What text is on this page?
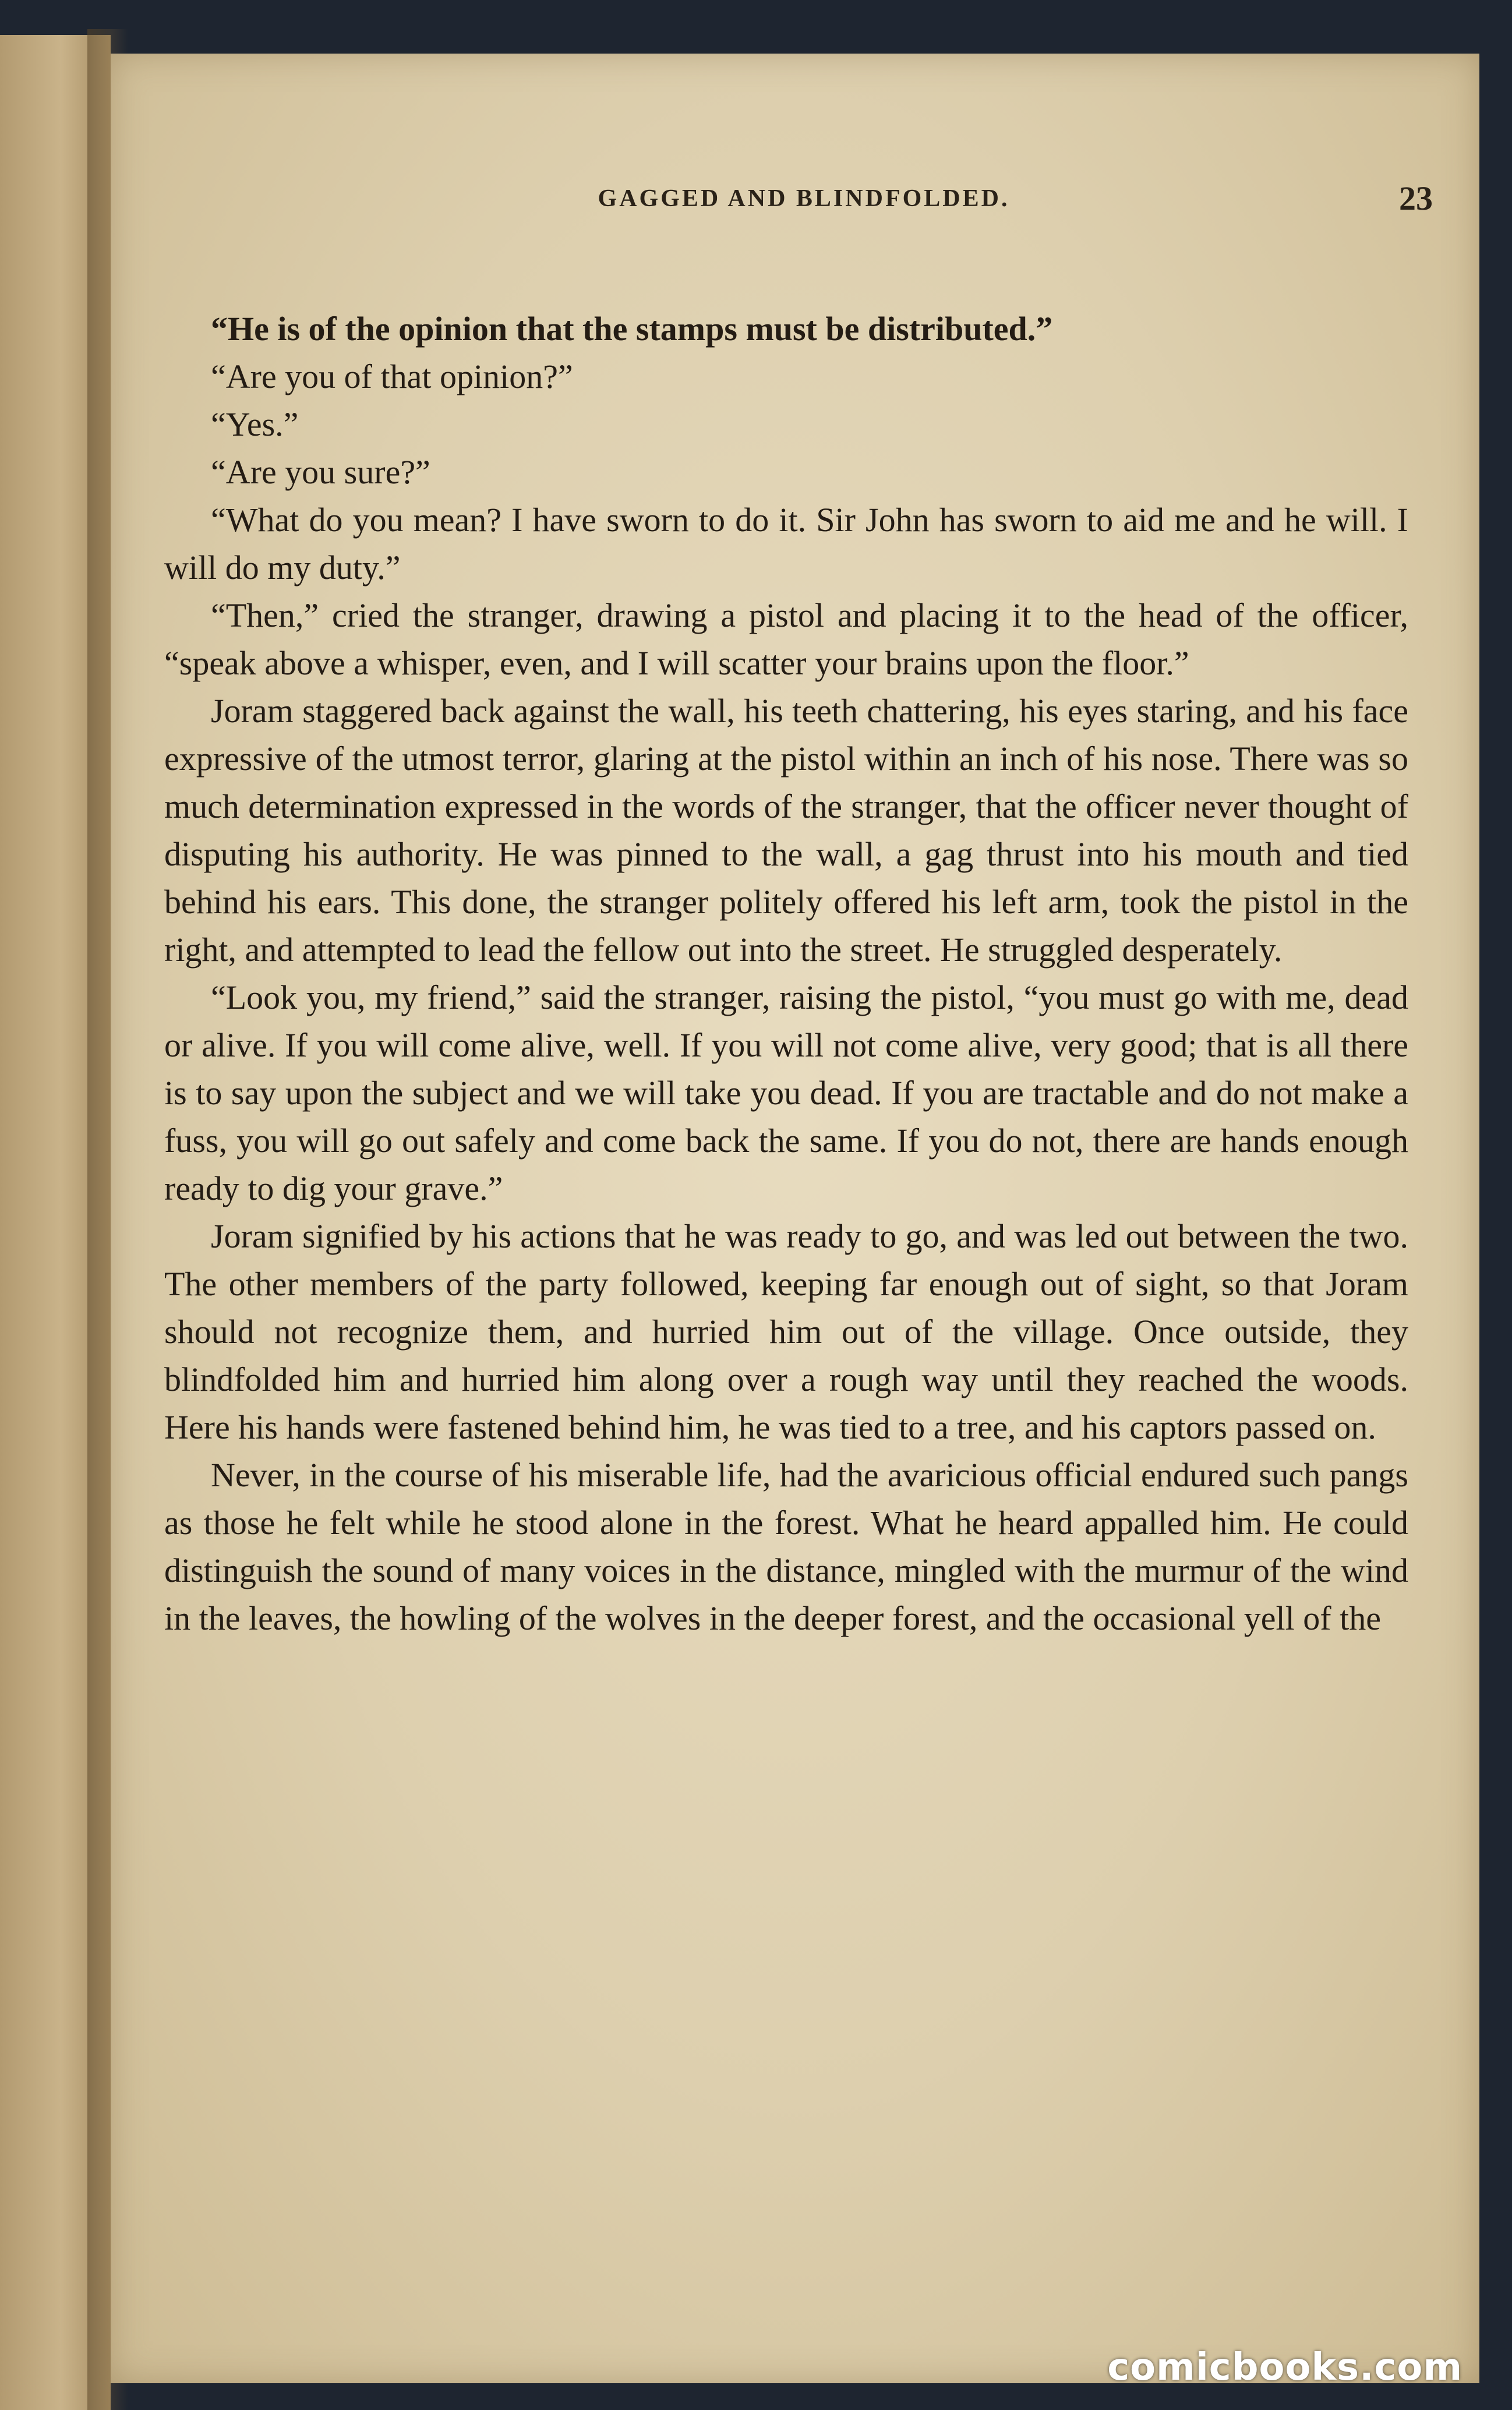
GAGGED AND BLINDFOLDED.	23

“He is of the opinion that the stamps must be distributed.”

“Are you of that opinion?”

“Yes.”

“Are you sure?”

“What do you mean? I have sworn to do it. Sir John has sworn to aid me and he will. I will do my duty.”

“Then,” cried the stranger, drawing a pistol and placing it to the head of the officer, “speak above a whisper, even, and I will scatter your brains upon the floor.”

Joram staggered back against the wall, his teeth chattering, his eyes staring, and his face expressive of the utmost terror, glaring at the pistol within an inch of his nose. There was so much determination expressed in the words of the stranger, that the officer never thought of disputing his authority. He was pinned to the wall, a gag thrust into his mouth and tied behind his ears. This done, the stranger politely offered his left arm, took the pistol in the right, and attempted to lead the fellow out into the street. He struggled desperately.

“Look you, my friend,” said the stranger, raising the pistol, “you must go with me, dead or alive. If you will come alive, well. If you will not come alive, very good; that is all there is to say upon the subject and we will take you dead. If you are tractable and do not make a fuss, you will go out safely and come back the same. If you do not, there are hands enough ready to dig your grave.”

Joram signified by his actions that he was ready to go, and was led out between the two. The other members of the party followed, keeping far enough out of sight, so that Joram should not recognize them, and hurried him out of the village. Once outside, they blindfolded him and hurried him along over a rough way until they reached the woods. Here his hands were fastened behind him, he was tied to a tree, and his captors passed on.

Never, in the course of his miserable life, had the avaricious official endured such pangs as those he felt while he stood alone in the forest. What he heard appalled him. He could distinguish the sound of many voices in the distance, mingled with the murmur of the wind in the leaves, the howling of the wolves in the deeper forest, and the occasional yell of the

comicbooks.com
